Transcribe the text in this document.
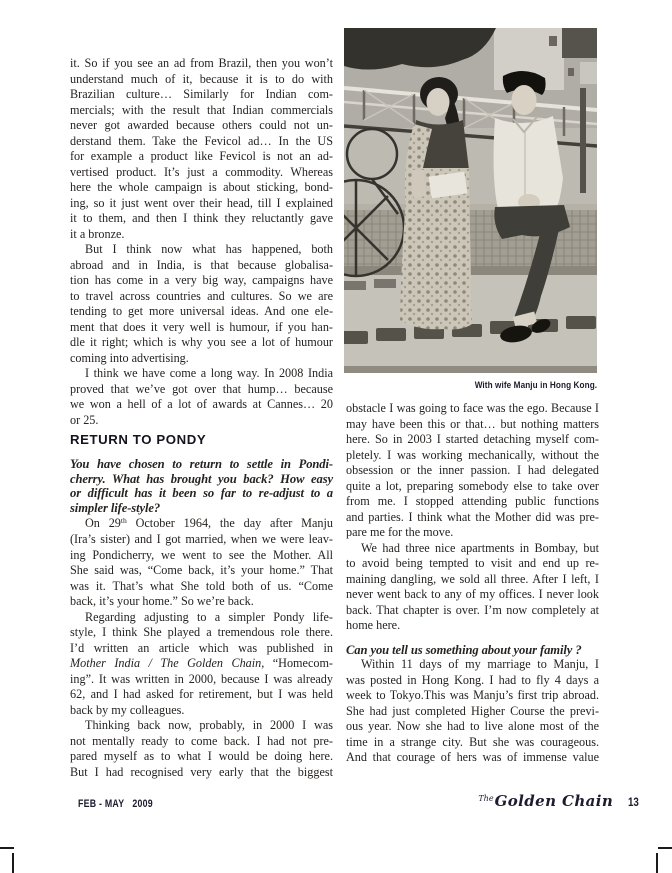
it. So if you see an ad from Brazil, then you won’t
understand much of it, because it is to do with
Brazilian culture… Similarly for Indian com-
mercials; with the result that Indian commercials
never got awarded because others could not un-
derstand them. Take the Fevicol ad… In the US
for example a product like Fevicol is not an ad-
vertised product. It’s just a commodity. Whereas
here the whole campaign is about sticking, bond-
ing, so it just went over their head, till I explained
it to them, and then I think they reluctantly gave
it a bronze.
But I think now what has happened, both
abroad and in India, is that because globalisa-
tion has come in a very big way, campaigns have
to travel across countries and cultures. So we are
tending to get more universal ideas. And one ele-
ment that does it very well is humour, if you han-
dle it right; which is why you see a lot of humour
coming into advertising.
I think we have come a long way. In 2008 India
proved that we’ve got over that hump… because
we won a hell of a lot of awards at Cannes… 20
or 25.
RETURN TO PONDY
You have chosen to return to settle in Pondi-
cherry. What has brought you back? How easy
or difficult has it been so far to re-adjust to a
simpler life-style?
On 29th October 1964, the day after Manju
(Ira’s sister) and I got married, when we were leav-
ing Pondicherry, we went to see the Mother. All
She said was, “Come back, it’s your home.” That
was it. That’s what She told both of us. “Come
back, it’s your home.” So we’re back.
Regarding adjusting to a simpler Pondy life-
style, I think She played a tremendous role there.
I’d written an article which was published in
Mother India / The Golden Chain, “Homecom-
ing”. It was written in 2000, because I was already
62, and I had asked for retirement, but I was held
back by my colleagues.
Thinking back now, probably, in 2000 I was
not mentally ready to come back. I had not pre-
pared myself as to what I would be doing here.
But I had recognised very early that the biggest
With wife Manju in Hong Kong.
obstacle I was going to face was the ego. Because I
may have been this or that… but nothing matters
here. So in 2003 I started detaching myself com-
pletely. I was working mechanically, without the
obsession or the inner passion. I had delegated
quite a lot, preparing somebody else to take over
from me. I stopped attending public functions
and parties. I think what the Mother did was pre-
pare me for the move.
We had three nice apartments in Bombay, but
to avoid being tempted to visit and end up re-
maining dangling, we sold all three. After I left, I
never went back to any of my offices. I never look
back. That chapter is over. I’m now completely at
home here.
Can you tell us something about your family ?
Within 11 days of my marriage to Manju, I
was posted in Hong Kong. I had to fly 4 days a
week to Tokyo.This was Manju’s first trip abroad.
She had just completed Higher Course the previ-
ous year. Now she had to live alone most of the
time in a strange city. But she was courageous.
And that courage of hers was of immense value
FEB - MAY 2009	$^{The}$Golden Chain 13
